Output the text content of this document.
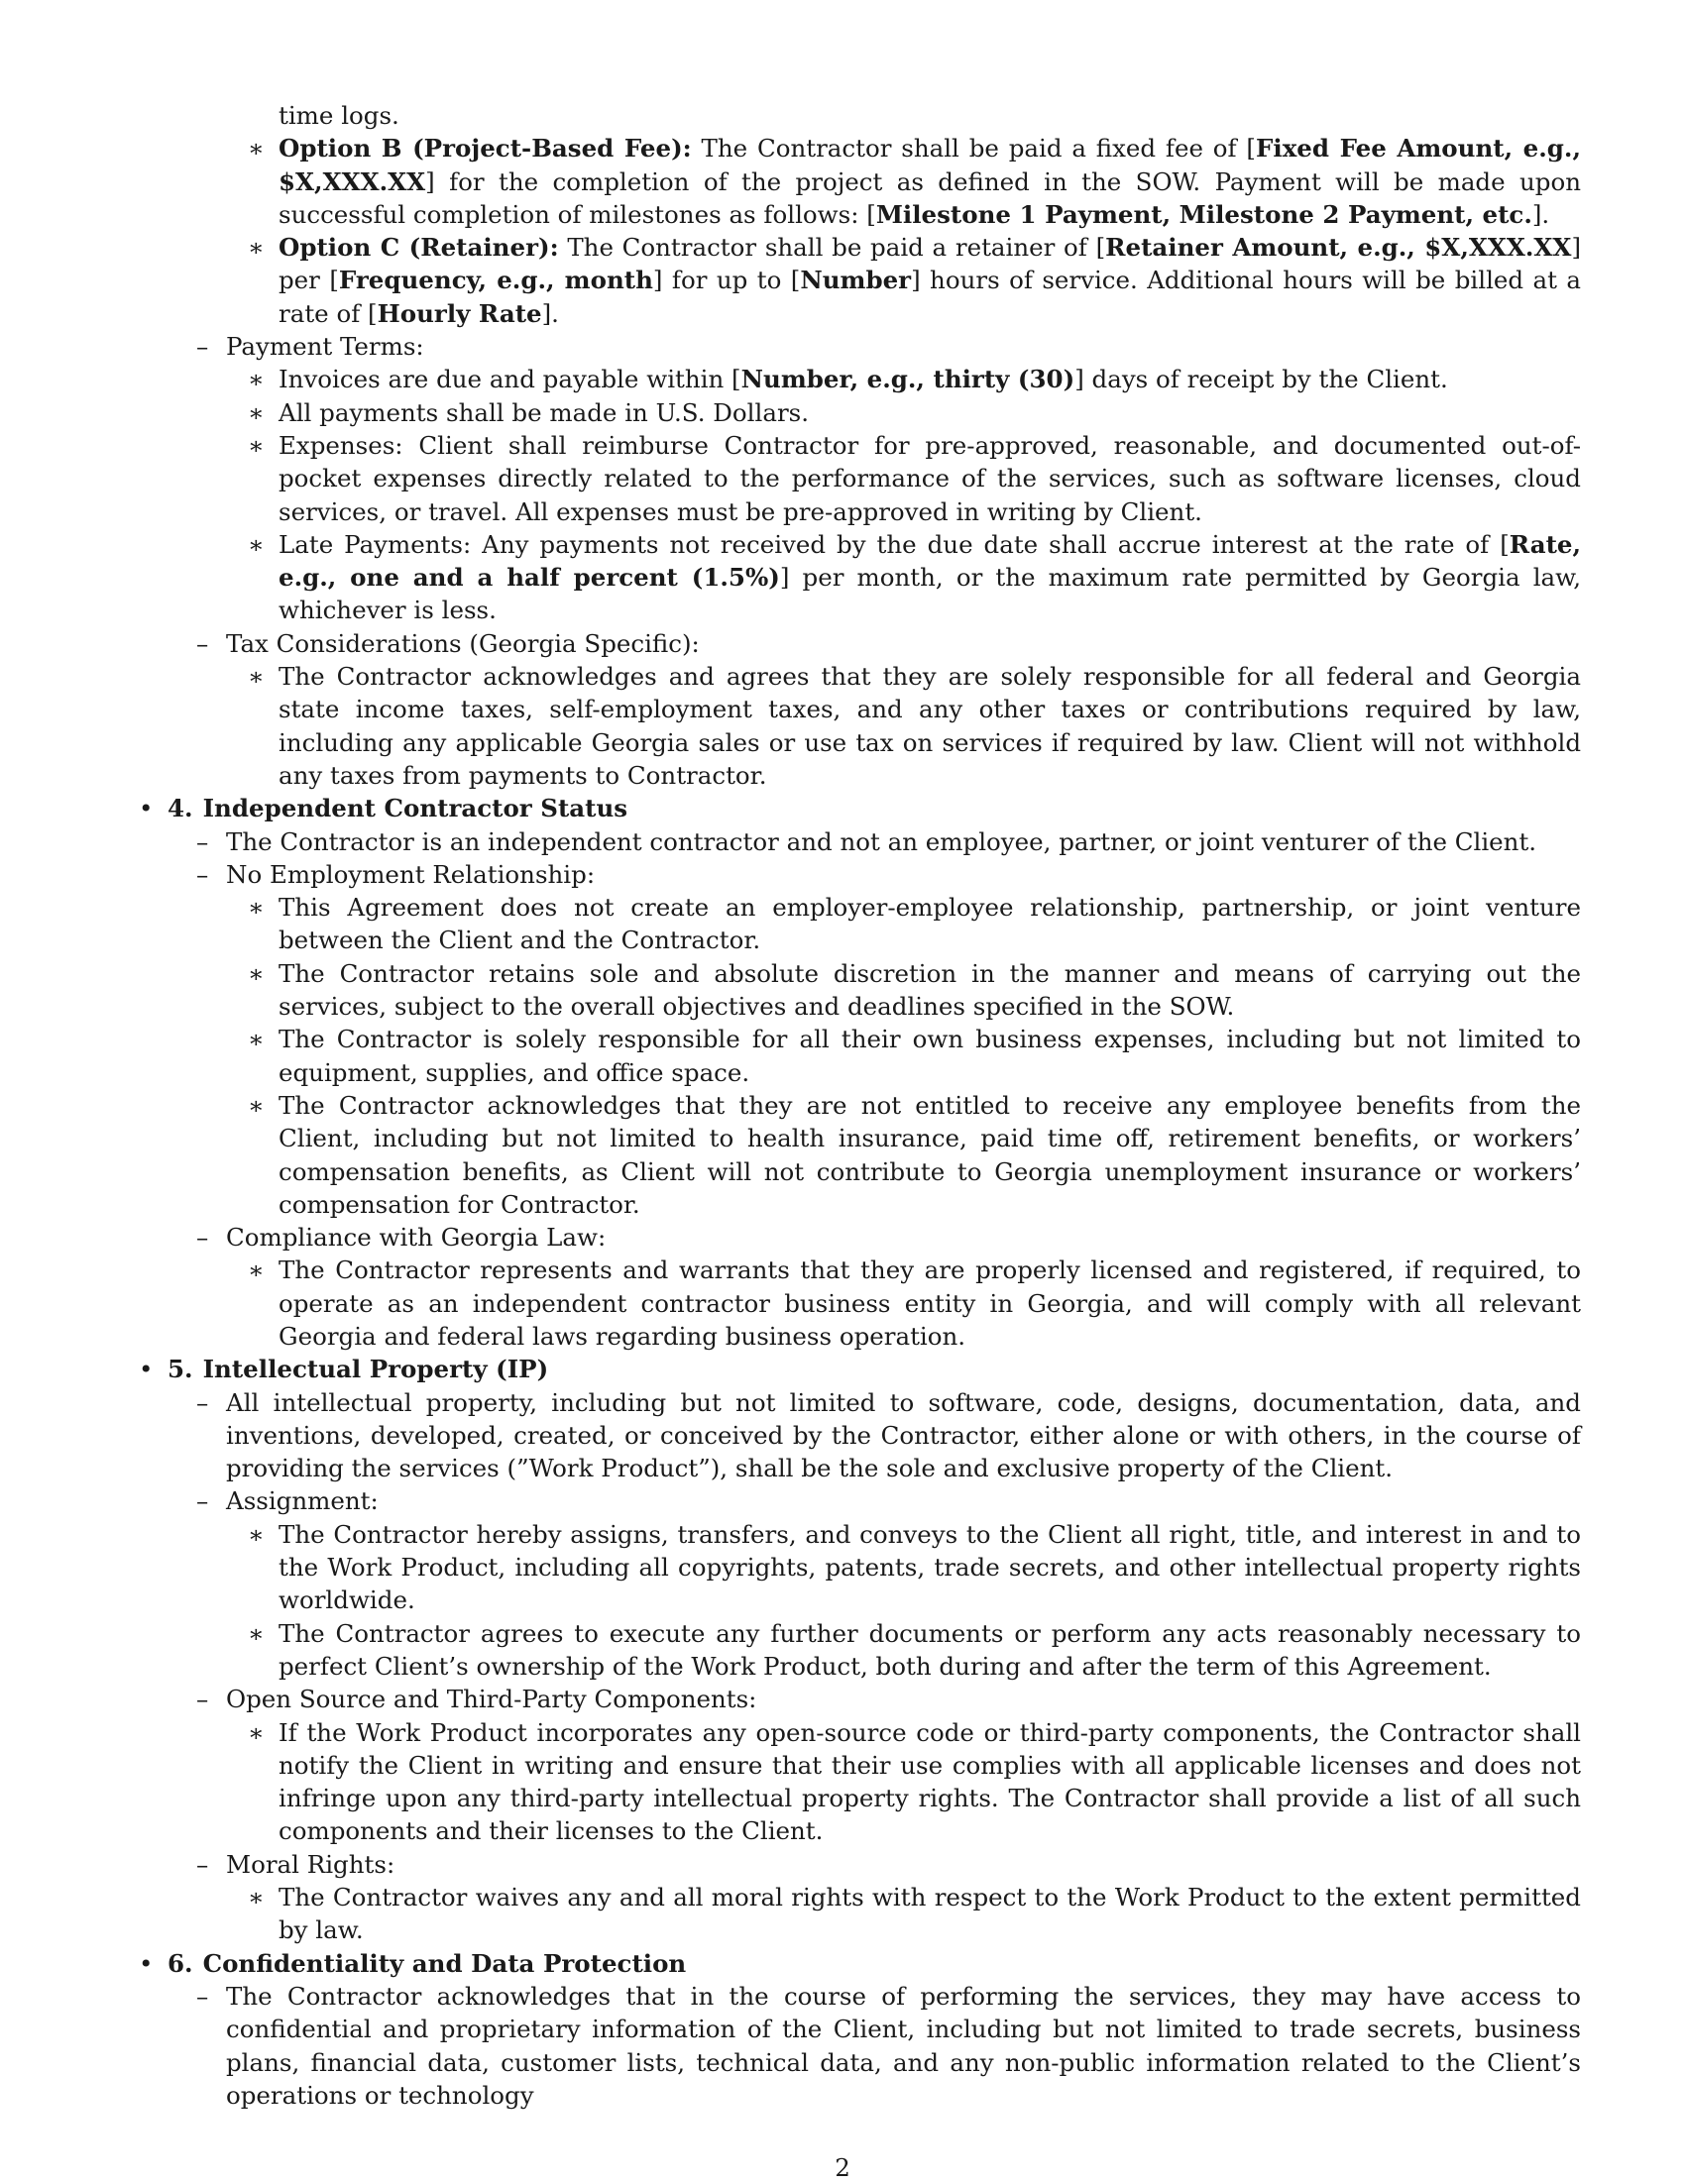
time logs.
∗ Option B (Project-Based Fee): The Contractor shall be paid a fixed fee of [Fixed Fee Amount, e.g., $X,XXX.XX] for the completion of the project as defined in the SOW. Payment will be made upon successful completion of milestones as follows: [Milestone 1 Payment, Milestone 2 Payment, etc.].
∗ Option C (Retainer): The Contractor shall be paid a retainer of [Retainer Amount, e.g., $X,XXX.XX] per [Frequency, e.g., month] for up to [Number] hours of service. Additional hours will be billed at a rate of [Hourly Rate].
– Payment Terms:
∗ Invoices are due and payable within [Number, e.g., thirty (30)] days of receipt by the Client.
∗ All payments shall be made in U.S. Dollars.
∗ Expenses: Client shall reimburse Contractor for pre-approved, reasonable, and documented out-of-pocket expenses directly related to the performance of the services, such as software licenses, cloud services, or travel. All expenses must be pre-approved in writing by Client.
∗ Late Payments: Any payments not received by the due date shall accrue interest at the rate of [Rate, e.g., one and a half percent (1.5%)] per month, or the maximum rate permitted by Georgia law, whichever is less.
– Tax Considerations (Georgia Specific):
∗ The Contractor acknowledges and agrees that they are solely responsible for all federal and Georgia state income taxes, self-employment taxes, and any other taxes or contributions required by law, including any applicable Georgia sales or use tax on services if required by law. Client will not withhold any taxes from payments to Contractor.
• 4. Independent Contractor Status
– The Contractor is an independent contractor and not an employee, partner, or joint venturer of the Client.
– No Employment Relationship:
∗ This Agreement does not create an employer-employee relationship, partnership, or joint venture between the Client and the Contractor.
∗ The Contractor retains sole and absolute discretion in the manner and means of carrying out the services, subject to the overall objectives and deadlines specified in the SOW.
∗ The Contractor is solely responsible for all their own business expenses, including but not limited to equipment, supplies, and office space.
∗ The Contractor acknowledges that they are not entitled to receive any employee benefits from the Client, including but not limited to health insurance, paid time off, retirement benefits, or workers’ compensation benefits, as Client will not contribute to Georgia unemployment insurance or workers’ compensation for Contractor.
– Compliance with Georgia Law:
∗ The Contractor represents and warrants that they are properly licensed and registered, if required, to operate as an independent contractor business entity in Georgia, and will comply with all relevant Georgia and federal laws regarding business operation.
• 5. Intellectual Property (IP)
– All intellectual property, including but not limited to software, code, designs, documentation, data, and inventions, developed, created, or conceived by the Contractor, either alone or with others, in the course of providing the services (”Work Product”), shall be the sole and exclusive property of the Client.
– Assignment:
∗ The Contractor hereby assigns, transfers, and conveys to the Client all right, title, and interest in and to the Work Product, including all copyrights, patents, trade secrets, and other intellectual property rights worldwide.
∗ The Contractor agrees to execute any further documents or perform any acts reasonably necessary to perfect Client’s ownership of the Work Product, both during and after the term of this Agreement.
– Open Source and Third-Party Components:
∗ If the Work Product incorporates any open-source code or third-party components, the Contractor shall notify the Client in writing and ensure that their use complies with all applicable licenses and does not infringe upon any third-party intellectual property rights. The Contractor shall provide a list of all such components and their licenses to the Client.
– Moral Rights:
∗ The Contractor waives any and all moral rights with respect to the Work Product to the extent permitted by law.
• 6. Confidentiality and Data Protection
– The Contractor acknowledges that in the course of performing the services, they may have access to confidential and proprietary information of the Client, including but not limited to trade secrets, business plans, financial data, customer lists, technical data, and any non-public information related to the Client’s operations or technology
2
